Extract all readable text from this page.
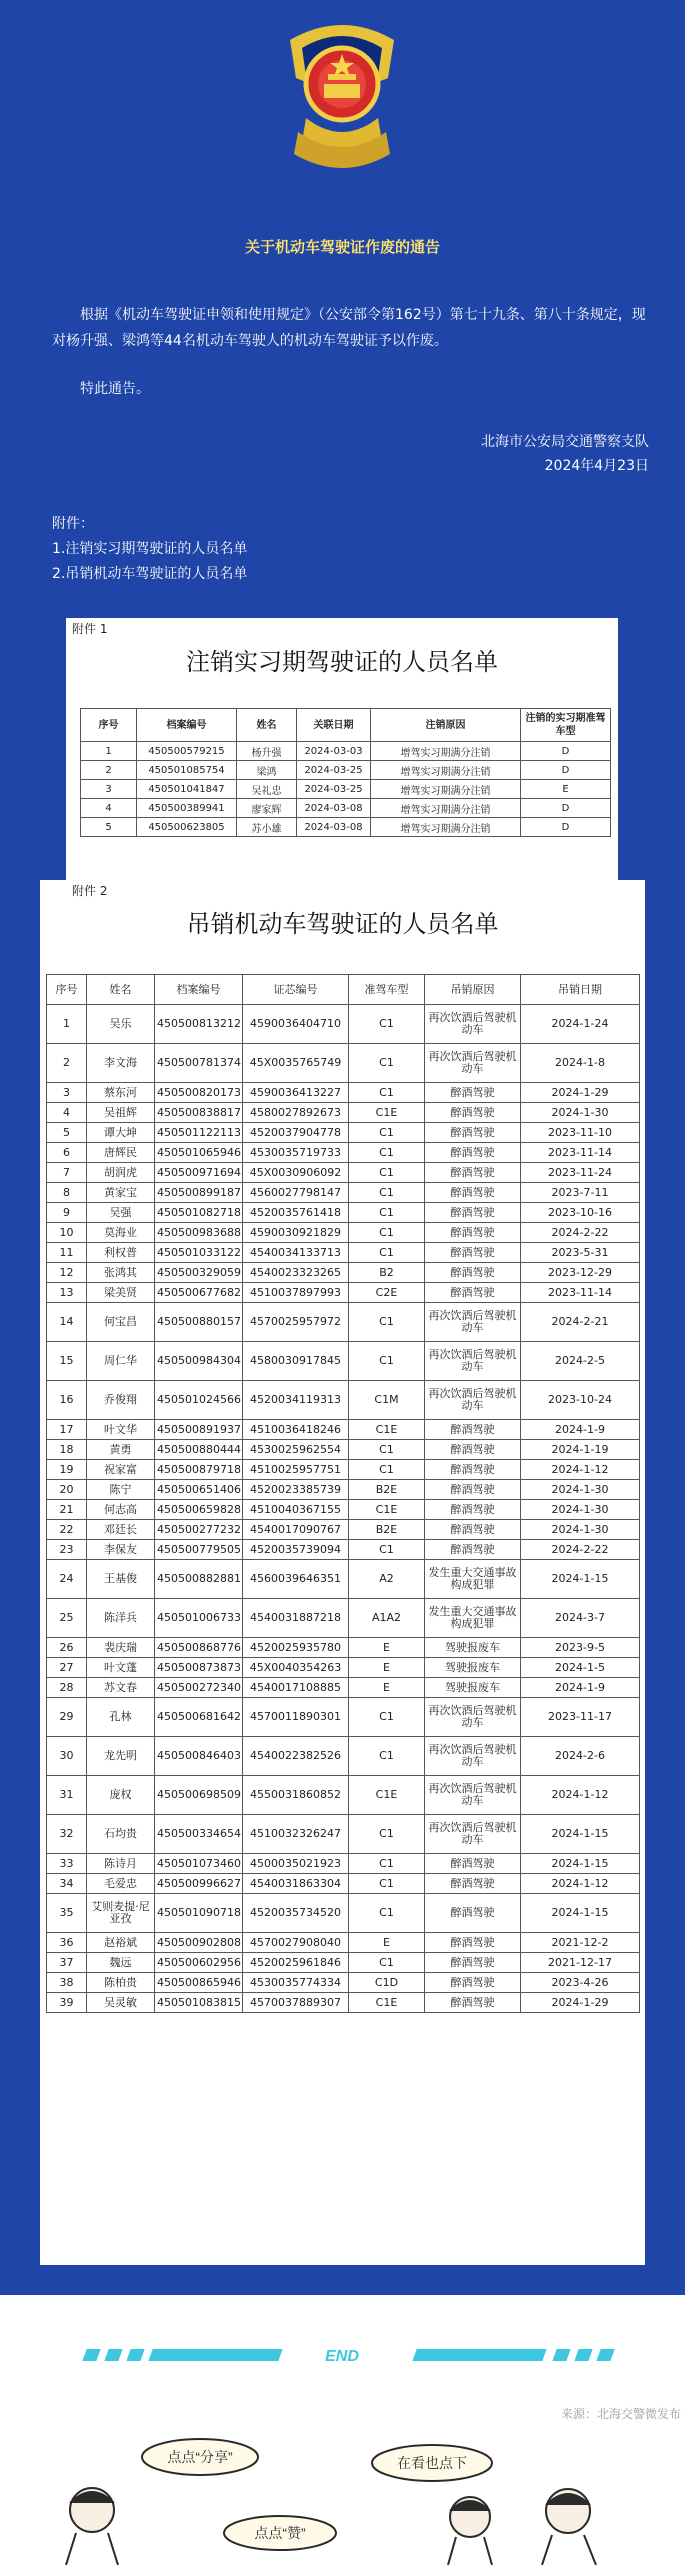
关于机动车驾驶证作废的通告
根据《机动车驾驶证申领和使用规定》（公安部令第162号）第七十九条、第八十条规定，现对杨升强、梁鸿等44名机动车驾驶人的机动车驾驶证予以作废。
特此通告。
北海市公安局交通警察支队
2024年4月23日
附件：
1.注销实习期驾驶证的人员名单
2.吊销机动车驾驶证的人员名单
附件 1
注销实习期驾驶证的人员名单
序号	档案编号	姓名	关联日期	注销原因	注销的实习期准驾车型
1	450500579215	杨升强	2024-03-03	增驾实习期满分注销	D
2	450501085754	梁鸿	2024-03-25	增驾实习期满分注销	D
3	450501041847	吴礼忠	2024-03-25	增驾实习期满分注销	E
4	450500389941	廖家辉	2024-03-08	增驾实习期满分注销	D
5	450500623805	苏小雄	2024-03-08	增驾实习期满分注销	D
附件 2
吊销机动车驾驶证的人员名单
序号	姓名	档案编号	证芯编号	准驾车型	吊销原因	吊销日期
1	吴乐	450500813212	4590036404710	C1	再次饮酒后驾驶机动车	2024-1-24
2	李文海	450500781374	45X0035765749	C1	再次饮酒后驾驶机动车	2024-1-8
3	蔡东河	450500820173	4590036413227	C1	醉酒驾驶	2024-1-29
4	吴祖辉	450500838817	4580027892673	C1E	醉酒驾驶	2024-1-30
5	谭大坤	450501122113	4520037904778	C1	醉酒驾驶	2023-11-10
6	唐辉民	450501065946	4530035719733	C1	醉酒驾驶	2023-11-14
7	胡润虎	450500971694	45X0030906092	C1	醉酒驾驶	2023-11-24
8	黄家宝	450500899187	4560027798147	C1	醉酒驾驶	2023-7-11
9	吴强	450501082718	4520035761418	C1	醉酒驾驶	2023-10-16
10	莫海业	450500983688	4590030921829	C1	醉酒驾驶	2024-2-22
11	利权普	450501033122	4540034133713	C1	醉酒驾驶	2023-5-31
12	张鸿其	450500329059	4540023323265	B2	醉酒驾驶	2023-12-29
13	梁美贤	450500677682	4510037897993	C2E	醉酒驾驶	2023-11-14
14	何宝昌	450500880157	4570025957972	C1	再次饮酒后驾驶机动车	2024-2-21
15	周仁华	450500984304	4580030917845	C1	再次饮酒后驾驶机动车	2024-2-5
16	乔俊翔	450501024566	4520034119313	C1M	再次饮酒后驾驶机动车	2023-10-24
17	叶文华	450500891937	4510036418246	C1E	醉酒驾驶	2024-1-9
18	黄勇	450500880444	4530025962554	C1	醉酒驾驶	2024-1-19
19	祝家富	450500879718	4510025957751	C1	醉酒驾驶	2024-1-12
20	陈宁	450500651406	4520023385739	B2E	醉酒驾驶	2024-1-30
21	何志高	450500659828	4510040367155	C1E	醉酒驾驶	2024-1-30
22	邓廷长	450500277232	4540017090767	B2E	醉酒驾驶	2024-1-30
23	李保友	450500779505	4520035739094	C1	醉酒驾驶	2024-2-22
24	王基俊	450500882881	4560039646351	A2	发生重大交通事故构成犯罪	2024-1-15
25	陈洋兵	450501006733	4540031887218	A1A2	发生重大交通事故构成犯罪	2024-3-7
26	裴庆瑞	450500868776	4520025935780	E	驾驶报废车	2023-9-5
27	叶文蓬	450500873873	45X0040354263	E	驾驶报废车	2024-1-5
28	苏文春	450500272340	4540017108885	E	驾驶报废车	2024-1-9
29	孔林	450500681642	4570011890301	C1	再次饮酒后驾驶机动车	2023-11-17
30	龙先明	450500846403	4540022382526	C1	再次饮酒后驾驶机动车	2024-2-6
31	庞权	450500698509	4550031860852	C1E	再次饮酒后驾驶机动车	2024-1-12
32	石均贵	450500334654	4510032326247	C1	再次饮酒后驾驶机动车	2024-1-15
33	陈诗月	450501073460	4500035021923	C1	醉酒驾驶	2024-1-15
34	毛爱忠	450500996627	4540031863304	C1	醉酒驾驶	2024-1-12
35	艾则麦提·尼亚孜	450501090718	4520035734520	C1	醉酒驾驶	2024-1-15
36	赵裕斌	450500902808	4570027908040	E	醉酒驾驶	2021-12-2
37	魏远	450500602956	4520025961846	C1	醉酒驾驶	2021-12-17
38	陈柏贵	450500865946	4530035774334	C1D	醉酒驾驶	2023-4-26
39	吴灵敏	450501083815	4570037889307	C1E	醉酒驾驶	2024-1-29
END
来源：北海交警微发布
点点“分享”	在看也点下
点点“赞”
